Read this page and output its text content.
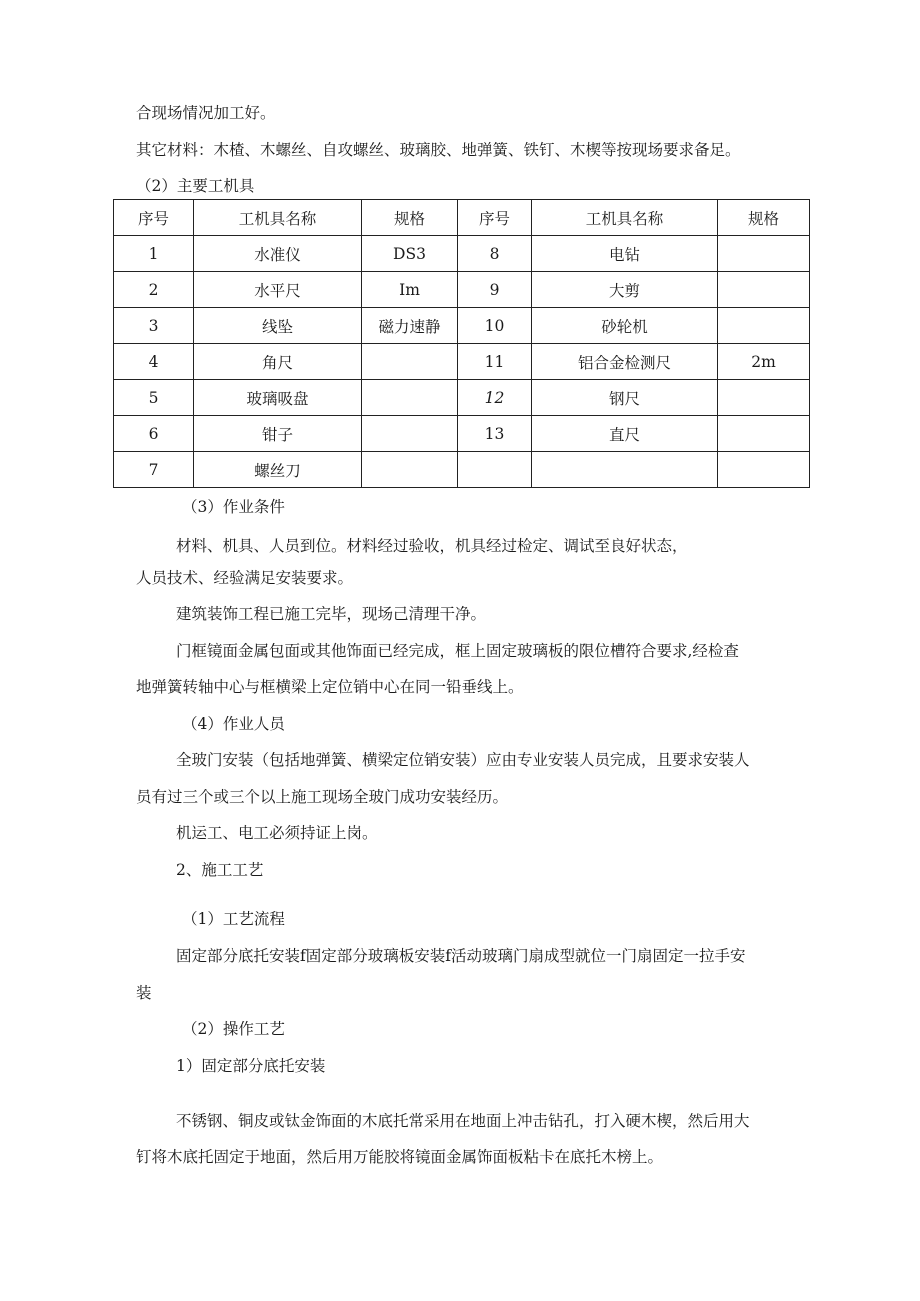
合现场情况加工好。
其它材料：木楂、木螺丝、自攻螺丝、玻璃胶、地弹簧、铁钉、木楔等按现场要求备足。
（2）主要工机具
序号	工机具名称	规格	序号	工机具名称	规格
1	水准仪	DS3	8	电钻	
2	水平尺	Im	9	大剪	
3	线坠	磁力速静	10	砂轮机	
4	角尺		11	铝合金检测尺	2m
5	玻璃吸盘		12	钢尺	
6	钳子		13	直尺	
7	螺丝刀				
（3）作业条件
材料、机具、人员到位。材料经过验收，机具经过检定、调试至良好状态，
人员技术、经验满足安装要求。
建筑装饰工程已施工完毕，现场己清理干净。
门框镜面金属包面或其他饰面已经完成，框上固定玻璃板的限位槽符合要求,经检查
地弹簧转轴中心与框横梁上定位销中心在同一铅垂线上。
（4）作业人员
全玻门安装（包括地弹簧、横梁定位销安装）应由专业安装人员完成，且要求安装人
员有过三个或三个以上施工现场全玻门成功安装经历。
机运工、电工必须持证上岗。
2、施工工艺
（1）工艺流程
固定部分底托安装f固定部分玻璃板安装f活动玻璃门扇成型就位一门扇固定一拉手安
装
（2）操作工艺
1）固定部分底托安装
不锈钢、铜皮或钛金饰面的木底托常采用在地面上冲击钻孔，打入硬木楔，然后用大
钉将木底托固定于地面，然后用万能胶将镜面金属饰面板粘卡在底托木榜上。
